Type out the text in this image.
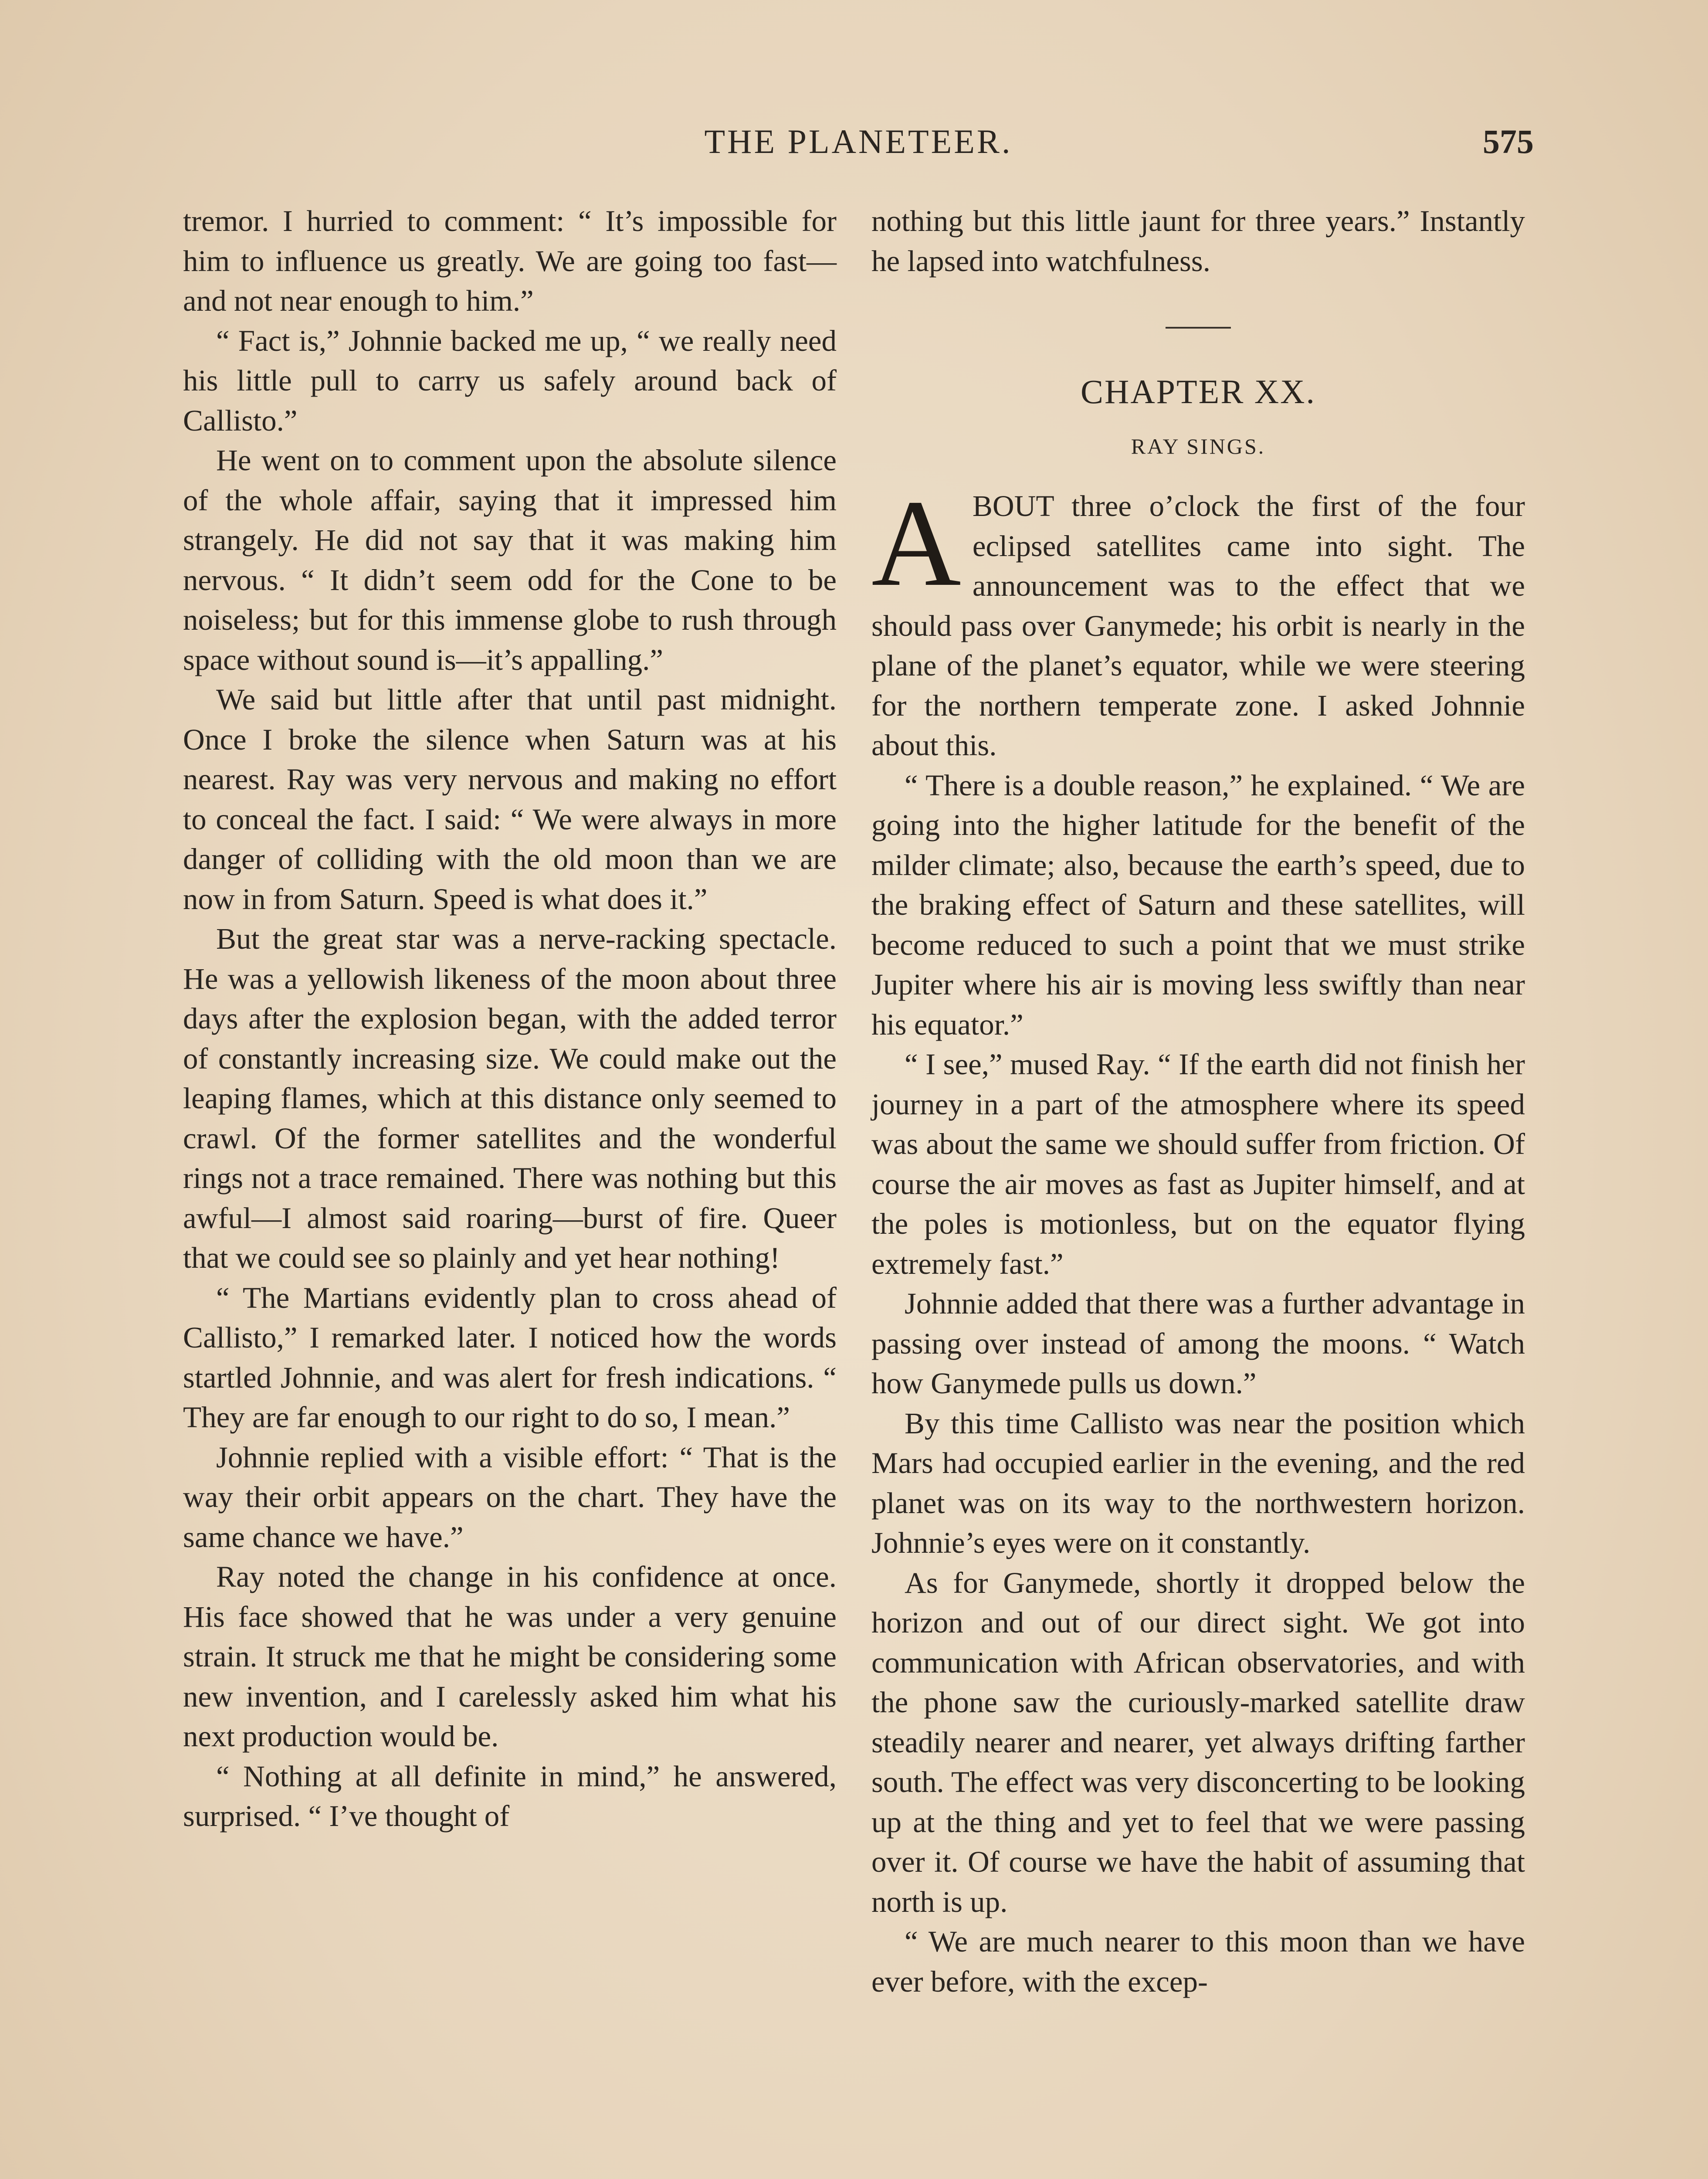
THE PLANETEER.	575

tremor. I hurried to comment: “ It’s impossible for him to influence us greatly. We are going too fast—and not near enough to him.”

“ Fact is,” Johnnie backed me up, “ we really need his little pull to carry us safely around back of Callisto.”

He went on to comment upon the absolute silence of the whole affair, saying that it impressed him strangely. He did not say that it was making him nervous. “ It didn’t seem odd for the Cone to be noiseless; but for this immense globe to rush through space without sound is—it’s appalling.”

We said but little after that until past midnight. Once I broke the silence when Saturn was at his nearest. Ray was very nervous and making no effort to conceal the fact. I said: “ We were always in more danger of colliding with the old moon than we are now in from Saturn. Speed is what does it.”

But the great star was a nerve-racking spectacle. He was a yellowish likeness of the moon about three days after the explosion began, with the added terror of constantly increasing size. We could make out the leaping flames, which at this distance only seemed to crawl. Of the former satellites and the wonderful rings not a trace remained. There was nothing but this awful—I almost said roaring—burst of fire. Queer that we could see so plainly and yet hear nothing!

“ The Martians evidently plan to cross ahead of Callisto,” I remarked later. I noticed how the words startled Johnnie, and was alert for fresh indications. “ They are far enough to our right to do so, I mean.”

Johnnie replied with a visible effort: “ That is the way their orbit appears on the chart. They have the same chance we have.”

Ray noted the change in his confidence at once. His face showed that he was under a very genuine strain. It struck me that he might be considering some new invention, and I carelessly asked him what his next production would be.

“ Nothing at all definite in mind,” he answered, surprised. “ I’ve thought of

nothing but this little jaunt for three years.” Instantly he lapsed into watchfulness.

CHAPTER XX.
RAY SINGS.

ABOUT three o’clock the first of the four eclipsed satellites came into sight. The announcement was to the effect that we should pass over Ganymede; his orbit is nearly in the plane of the planet’s equator, while we were steering for the northern temperate zone. I asked Johnnie about this.

“ There is a double reason,” he explained. “ We are going into the higher latitude for the benefit of the milder climate; also, because the earth’s speed, due to the braking effect of Saturn and these satellites, will become reduced to such a point that we must strike Jupiter where his air is moving less swiftly than near his equator.”

“ I see,” mused Ray. “ If the earth did not finish her journey in a part of the atmosphere where its speed was about the same we should suffer from friction. Of course the air moves as fast as Jupiter himself, and at the poles is motionless, but on the equator flying extremely fast.”

Johnnie added that there was a further advantage in passing over instead of among the moons. “ Watch how Ganymede pulls us down.”

By this time Callisto was near the position which Mars had occupied earlier in the evening, and the red planet was on its way to the northwestern horizon. Johnnie’s eyes were on it constantly.

As for Ganymede, shortly it dropped below the horizon and out of our direct sight. We got into communication with African observatories, and with the phone saw the curiously-marked satellite draw steadily nearer and nearer, yet always drifting farther south. The effect was very disconcerting to be looking up at the thing and yet to feel that we were passing over it. Of course we have the habit of assuming that north is up.

“ We are much nearer to this moon than we have ever before, with the excep-
